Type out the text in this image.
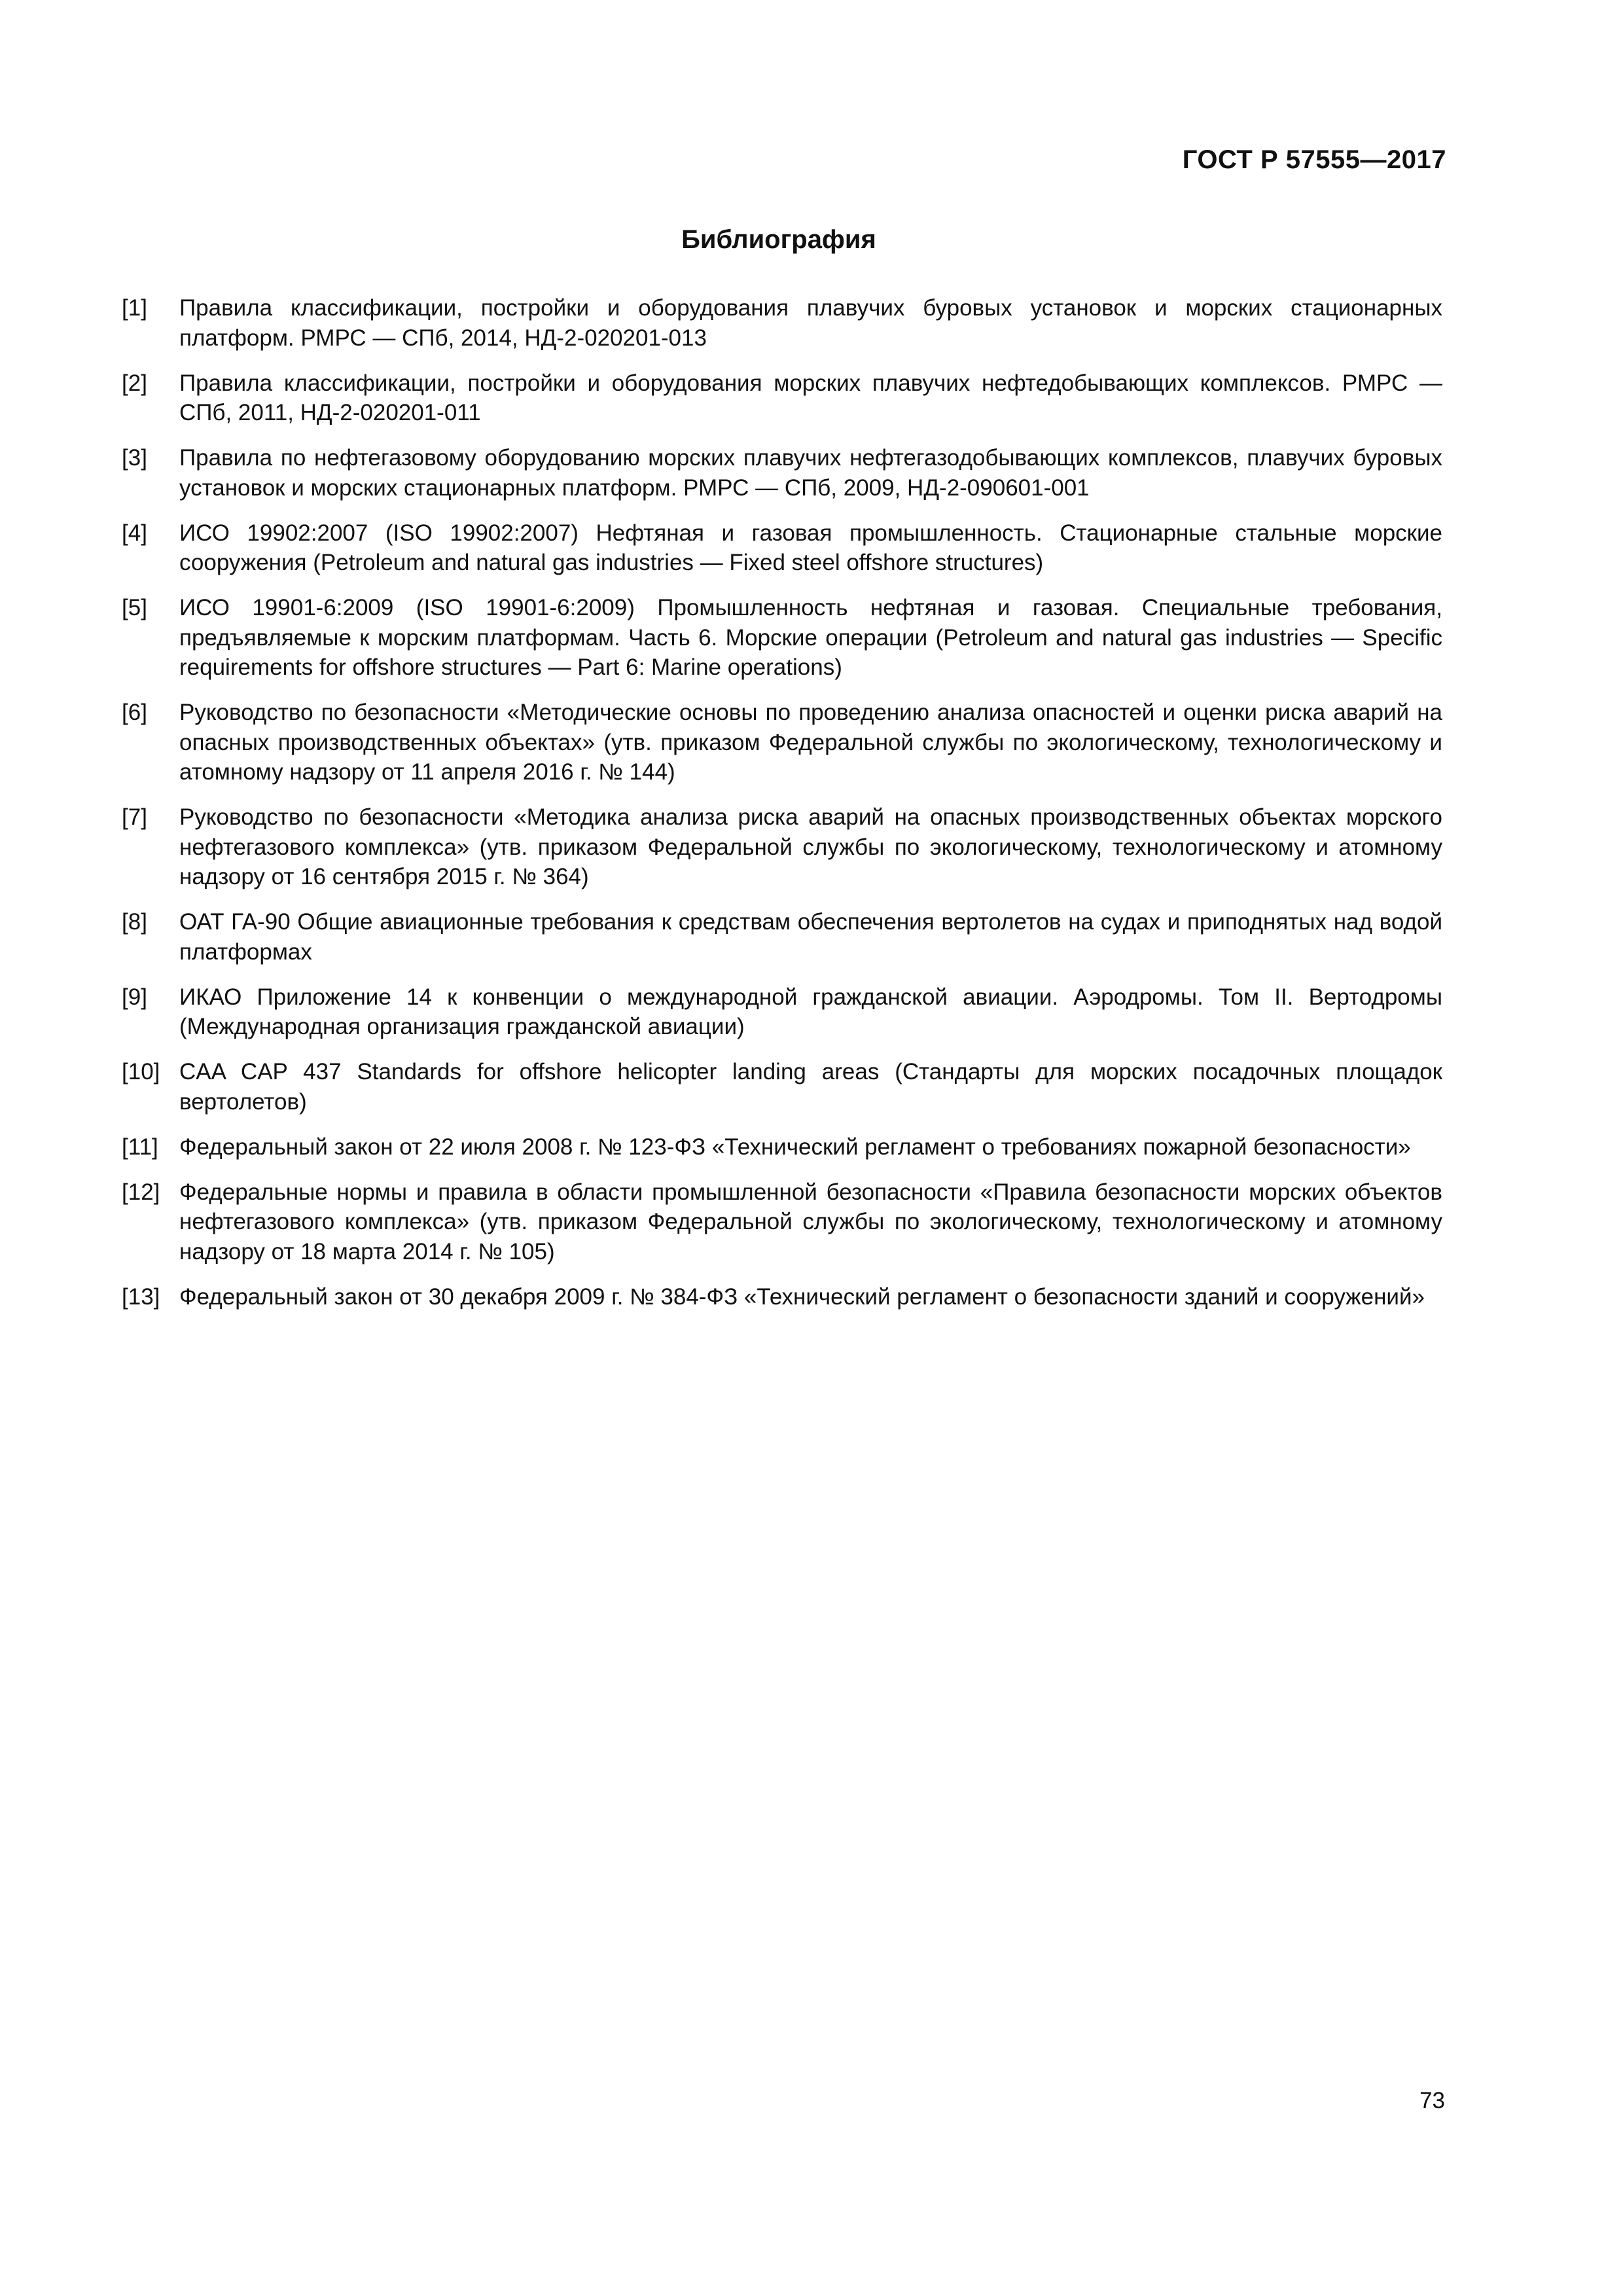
ГОСТ Р 57555—2017
Библиография
[1]	Правила классификации, постройки и оборудования плавучих буровых установок и морских стационарных платформ. РМРС — СПб, 2014, НД-2-020201-013
[2]	Правила классификации, постройки и оборудования морских плавучих нефтедобывающих комплексов. РМРС — СПб, 2011, НД-2-020201-011
[3]	Правила по нефтегазовому оборудованию морских плавучих нефтегазодобывающих комплексов, плавучих буровых установок и морских стационарных платформ. РМРС — СПб, 2009, НД-2-090601-001
[4]	ИСО 19902:2007 (ISO 19902:2007) Нефтяная и газовая промышленность. Стационарные стальные морские сооружения (Petroleum and natural gas industries — Fixed steel offshore structures)
[5]	ИСО 19901-6:2009 (ISO 19901-6:2009) Промышленность нефтяная и газовая. Специальные требования, предъявляемые к морским платформам. Часть 6. Морские операции (Petroleum and natural gas industries — Specific requirements for offshore structures — Part 6: Marine operations)
[6]	Руководство по безопасности «Методические основы по проведению анализа опасностей и оценки риска аварий на опасных производственных объектах» (утв. приказом Федеральной службы по экологическому, технологическому и атомному надзору от 11 апреля 2016 г. № 144)
[7]	Руководство по безопасности «Методика анализа риска аварий на опасных производственных объектах морского нефтегазового комплекса» (утв. приказом Федеральной службы по экологическому, технологическому и атомному надзору от 16 сентября 2015 г. № 364)
[8]	ОАТ ГА-90 Общие авиационные требования к средствам обеспечения вертолетов на судах и приподнятых над водой платформах
[9]	ИКАО Приложение 14 к конвенции о международной гражданской авиации. Аэродромы. Том II. Вертодромы (Международная организация гражданской авиации)
[10] CAA CAP 437 Standards for offshore helicopter landing areas (Стандарты для морских посадочных площадок вертолетов)
[11] Федеральный закон от 22 июля 2008 г. № 123-ФЗ «Технический регламент о требованиях пожарной безопасности»
[12] Федеральные нормы и правила в области промышленной безопасности «Правила безопасности морских объектов нефтегазового комплекса» (утв. приказом Федеральной службы по экологическому, технологическому и атомному надзору от 18 марта 2014 г. № 105)
[13] Федеральный закон от 30 декабря 2009 г. № 384-ФЗ «Технический регламент о безопасности зданий и сооружений»
73
